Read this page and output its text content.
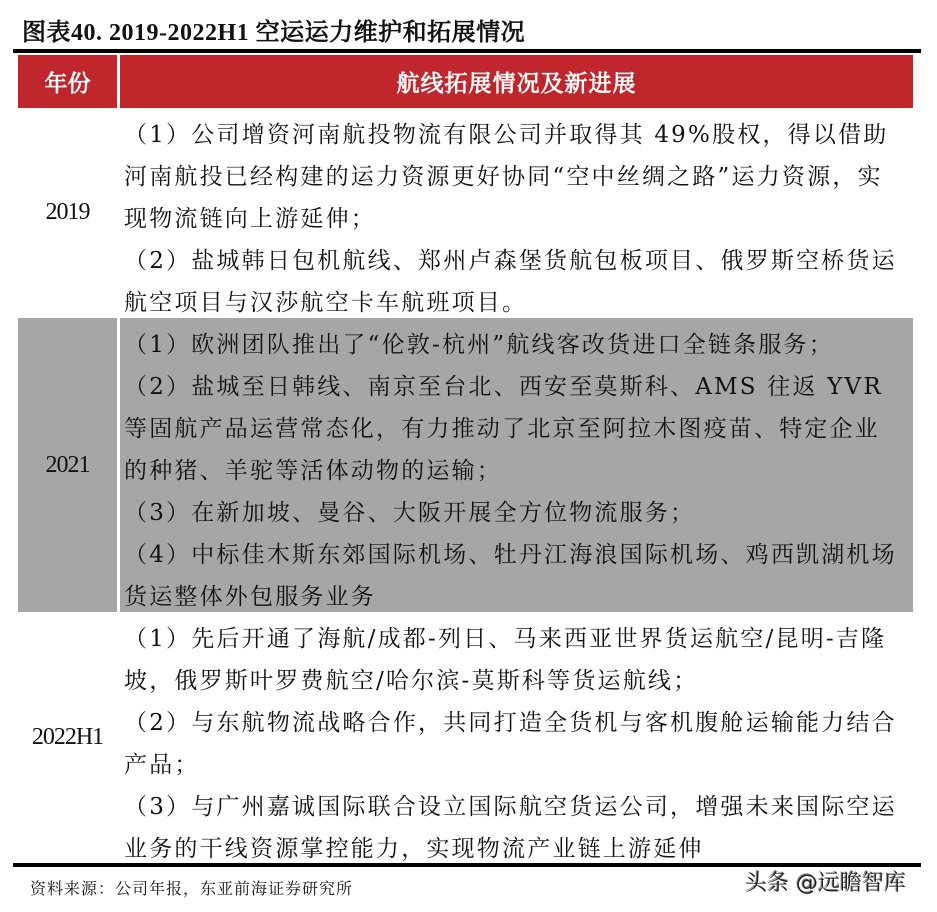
图表40. 2019-2022H1 空运运力维护和拓展情况
年份	航线拓展情况及新进展
2019

（1）公司增资河南航投物流有限公司并取得其 49%股权，得以借助河南航投已经构建的运力资源更好协同“空中丝绸之路”运力资源，实现物流链向上游延伸；

（2）盐城韩日包机航线、郑州卢森堡货航包板项目、俄罗斯空桥货运航空项目与汉莎航空卡车航班项目。

2021

（1）欧洲团队推出了“伦敦-杭州”航线客改货进口全链条服务；

（2）盐城至日韩线、南京至台北、西安至莫斯科、AMS 往返 YVR 等固航产品运营常态化，有力推动了北京至阿拉木图疫苗、特定企业的种猪、羊驼等活体动物的运输；

（3）在新加坡、曼谷、大阪开展全方位物流服务；

（4）中标佳木斯东郊国际机场、牡丹江海浪国际机场、鸡西凯湖机场货运整体外包服务业务

2022H1

（1）先后开通了海航/成都-列日、马来西亚世界货运航空/昆明-吉隆坡，俄罗斯叶罗费航空/哈尔滨-莫斯科等货运航线；

（2）与东航物流战略合作，共同打造全货机与客机腹舱运输能力结合产品；

（3）与广州嘉诚国际联合设立国际航空货运公司，增强未来国际空运业务的干线资源掌控能力，实现物流产业链上游延伸

资料来源：公司年报，东亚前海证券研究所	头条 @远瞻智库
